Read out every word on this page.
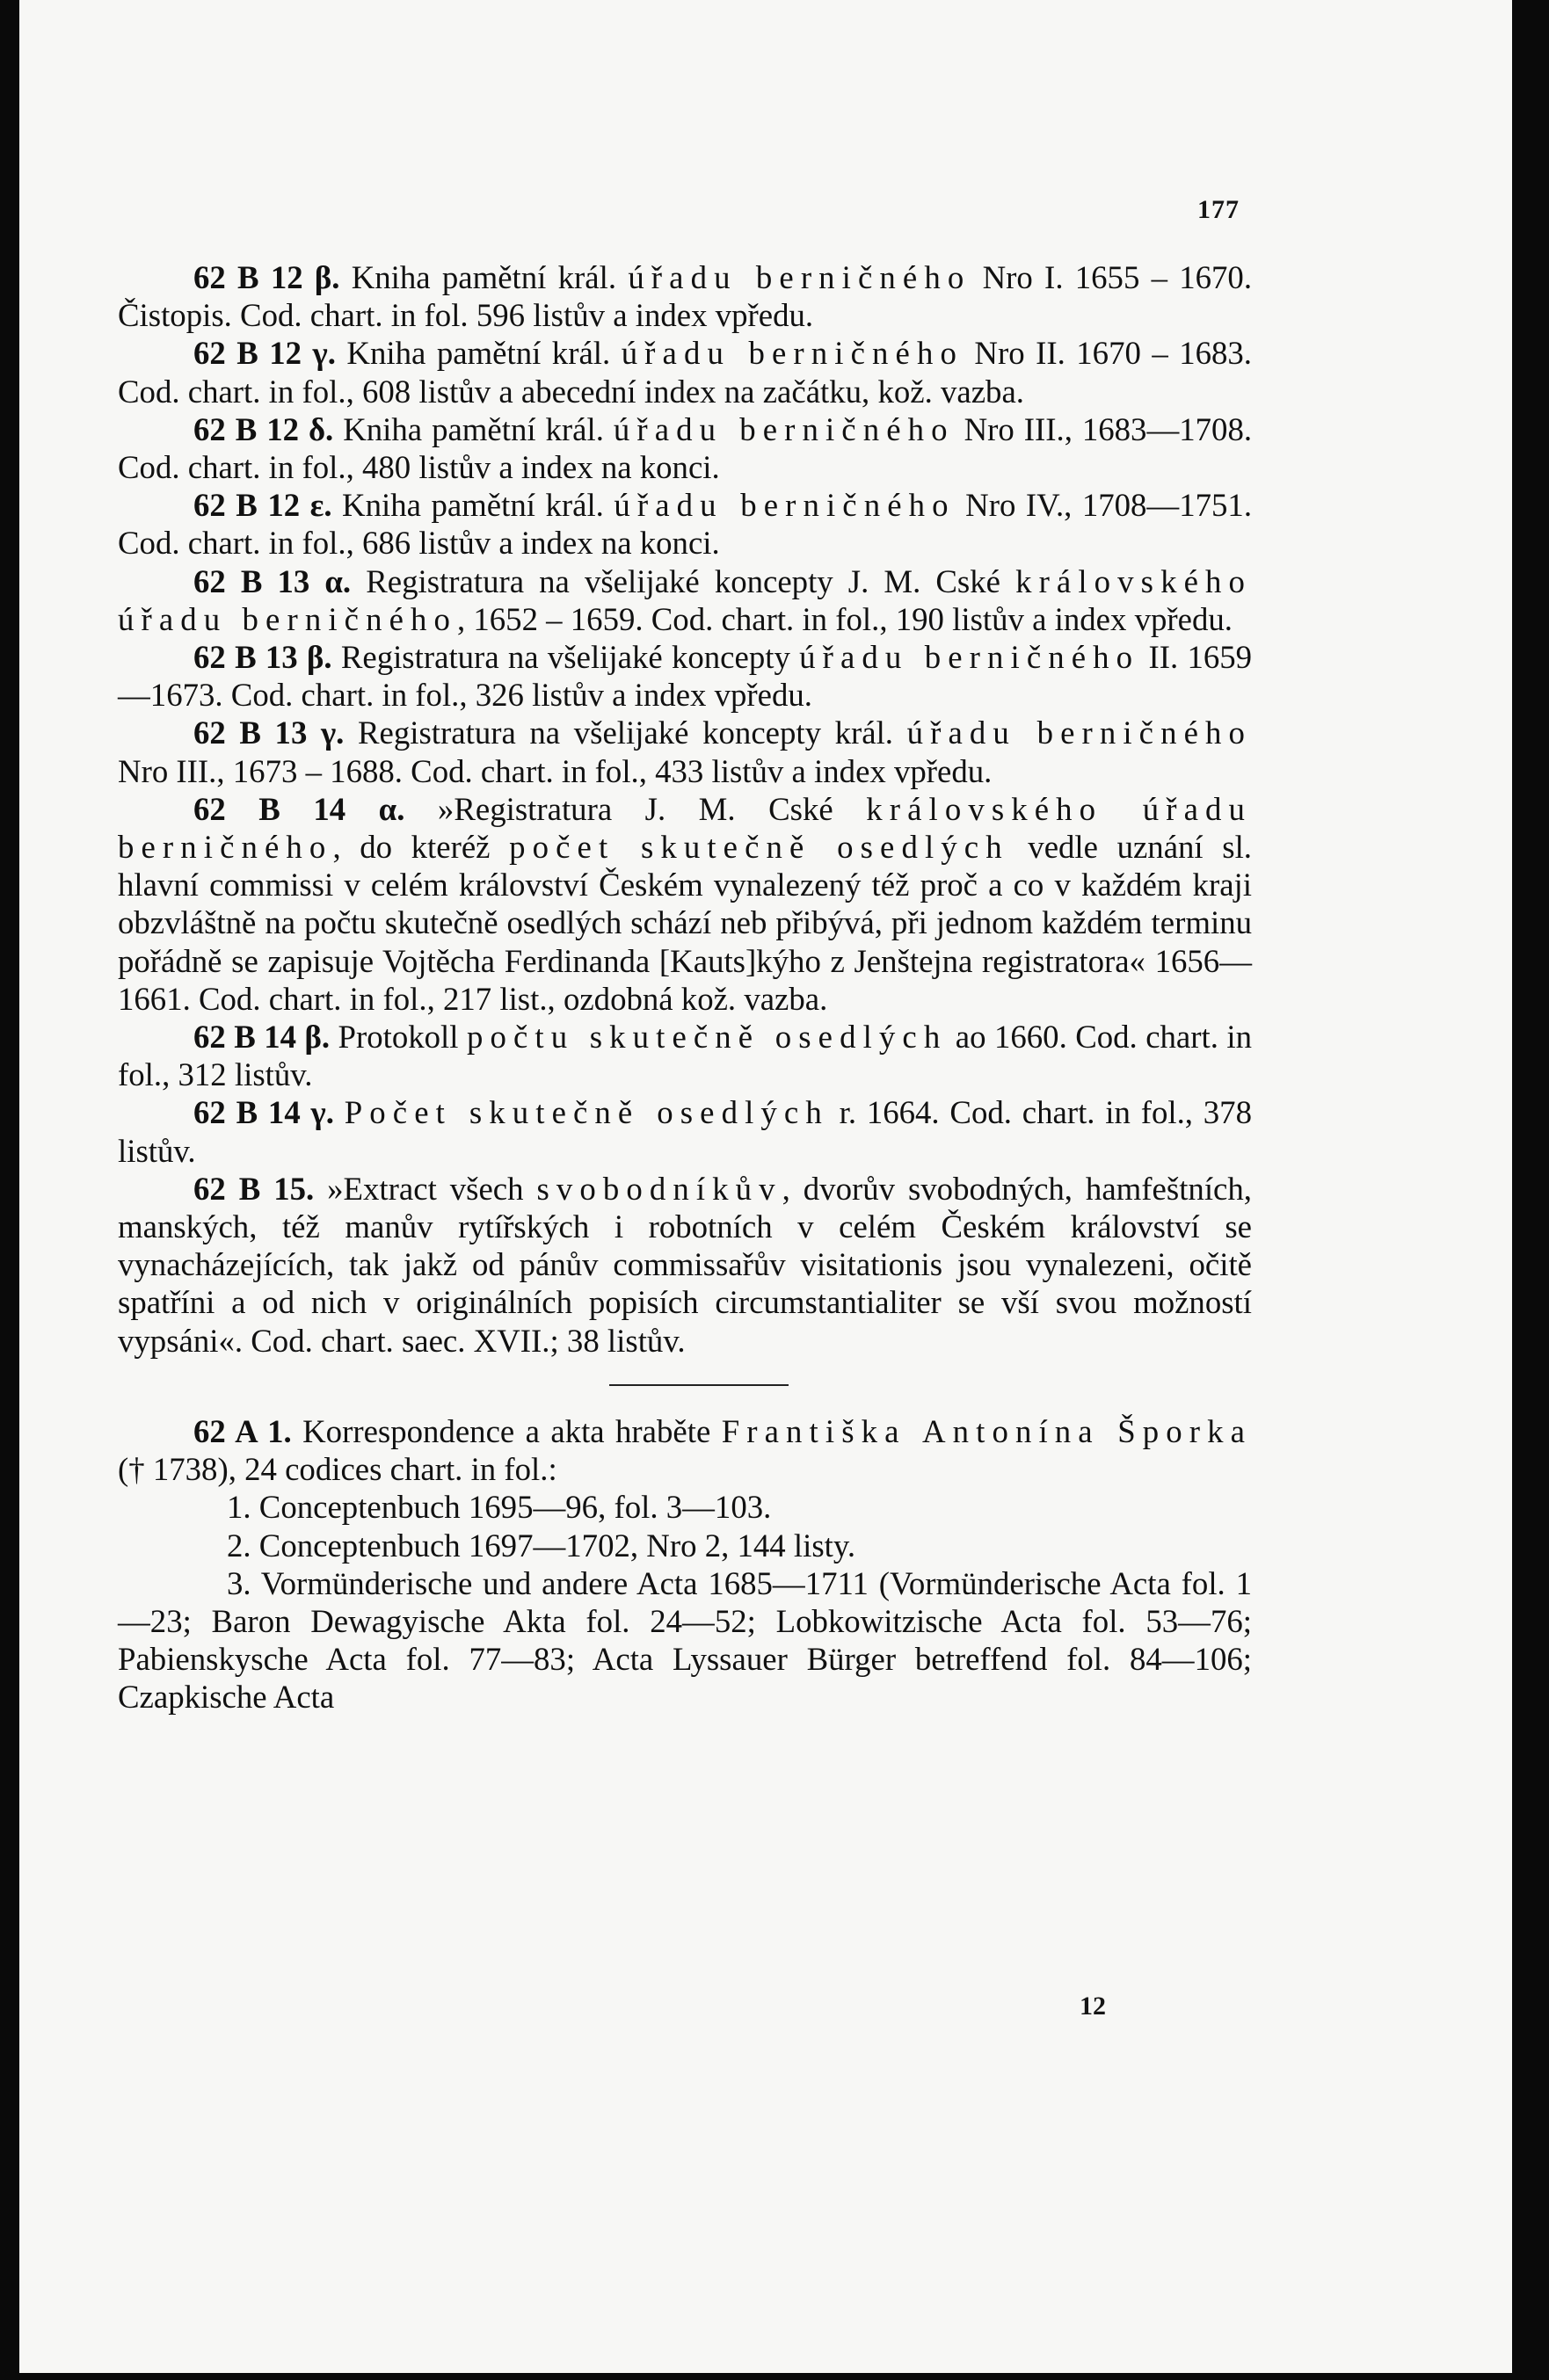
177

62 B 12 β. Kniha pamětní král. úřadu berničného Nro I. 1655 – 1670. Čistopis. Cod. chart. in fol. 596 listův a index vpředu.

62 B 12 γ. Kniha pamětní král. úřadu berničného Nro II. 1670 – 1683. Cod. chart. in fol., 608 listův a abecední index na začátku, kož. vazba.

62 B 12 δ. Kniha pamětní král. úřadu berničného Nro III., 1683—1708. Cod. chart. in fol., 480 listův a index na konci.

62 B 12 ε. Kniha pamětní král. úřadu berničného Nro IV., 1708—1751. Cod. chart. in fol., 686 listův a index na konci.

62 B 13 α. Registratura na všelijaké koncepty J. M. Cské královského úřadu berničného, 1652 – 1659. Cod. chart. in fol., 190 listův a index vpředu.

62 B 13 β. Registratura na všelijaké koncepty úřadu berničného II. 1659—1673. Cod. chart. in fol., 326 listův a index vpředu.

62 B 13 γ. Registratura na všelijaké koncepty král. úřadu berničného Nro III., 1673 – 1688. Cod. chart. in fol., 433 listův a index vpředu.

62 B 14 α. »Registratura J. M. Cské královského úřadu berničného, do kteréž počet skutečně osedlých vedle uznání sl. hlavní commissi v celém království Českém vynalezený též proč a co v každém kraji obzvláštně na počtu skutečně osedlých schází neb přibývá, při jednom každém terminu pořádně se zapisuje Vojtěcha Ferdinanda [Kauts]kýho z Jenštejna registratora« 1656—1661. Cod. chart. in fol., 217 list., ozdobná kož. vazba.

62 B 14 β. Protokoll počtu skutečně osedlých ao 1660. Cod. chart. in fol., 312 listův.

62 B 14 γ. Počet skutečně osedlých r. 1664. Cod. chart. in fol., 378 listův.

62 B 15. »Extract všech svobodníkův, dvorův svobodných, hamfeštních, manských, též manův rytířských i robotních v celém Českém království se vynacházejících, tak jakž od pánův commissařův visitationis jsou vynalezeni, očitě spatříni a od nich v originálních popisích circumstantialiter se vší svou možností vypsáni«. Cod. chart. saec. XVII.; 38 listův.

62 A 1. Korrespondence a akta hraběte Františka Antonína Šporka († 1738), 24 codices chart. in fol.:

1. Conceptenbuch 1695—96, fol. 3—103.

2. Conceptenbuch 1697—1702, Nro 2, 144 listy.

3. Vormünderische und andere Acta 1685—1711 (Vormünderische Acta fol. 1—23; Baron Dewagyische Akta fol. 24—52; Lobkowitzische Acta fol. 53—76; Pabienskysche Acta fol. 77—83; Acta Lyssauer Bürger betreffend fol. 84—106; Czapkische Acta

12
